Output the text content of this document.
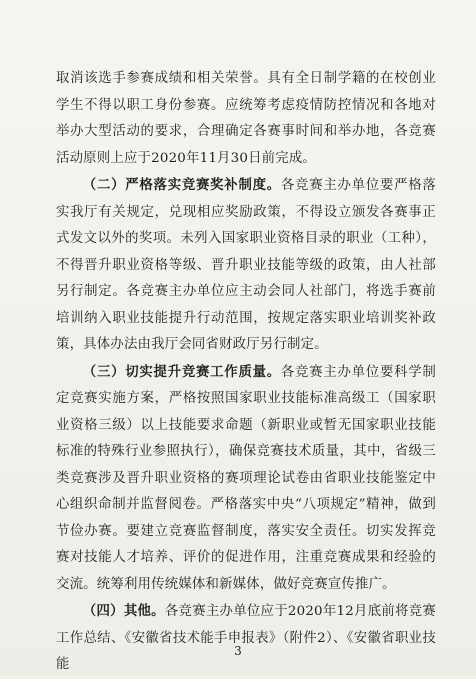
取消该选手参赛成绩和相关荣誉。具有全日制学籍的在校创业学生不得以职工身份参赛。应统筹考虑疫情防控情况和各地对举办大型活动的要求，合理确定各赛事时间和举办地，各竞赛活动原则上应于2020年11月30日前完成。

（二）严格落实竞赛奖补制度。各竞赛主办单位要严格落实我厅有关规定，兑现相应奖励政策，不得设立颁发各赛事正式发文以外的奖项。未列入国家职业资格目录的职业（工种），不得晋升职业资格等级、晋升职业技能等级的政策，由人社部另行制定。各竞赛主办单位应主动会同人社部门，将选手赛前培训纳入职业技能提升行动范围，按规定落实职业培训奖补政策，具体办法由我厅会同省财政厅另行制定。

（三）切实提升竞赛工作质量。各竞赛主办单位要科学制定竞赛实施方案，严格按照国家职业技能标准高级工（国家职业资格三级）以上技能要求命题（新职业或暂无国家职业技能标准的特殊行业参照执行），确保竞赛技术质量，其中，省级三类竞赛涉及晋升职业资格的赛项理论试卷由省职业技能鉴定中心组织命制并监督阅卷。严格落实中央“八项规定”精神，做到节俭办赛。要建立竞赛监督制度，落实安全责任。切实发挥竞赛对技能人才培养、评价的促进作用，注重竞赛成果和经验的交流。统筹利用传统媒体和新媒体，做好竞赛宣传推广。

（四）其他。各竞赛主办单位应于2020年12月底前将竞赛工作总结、《安徽省技术能手申报表》（附件2）、《安徽省职业技能

3
